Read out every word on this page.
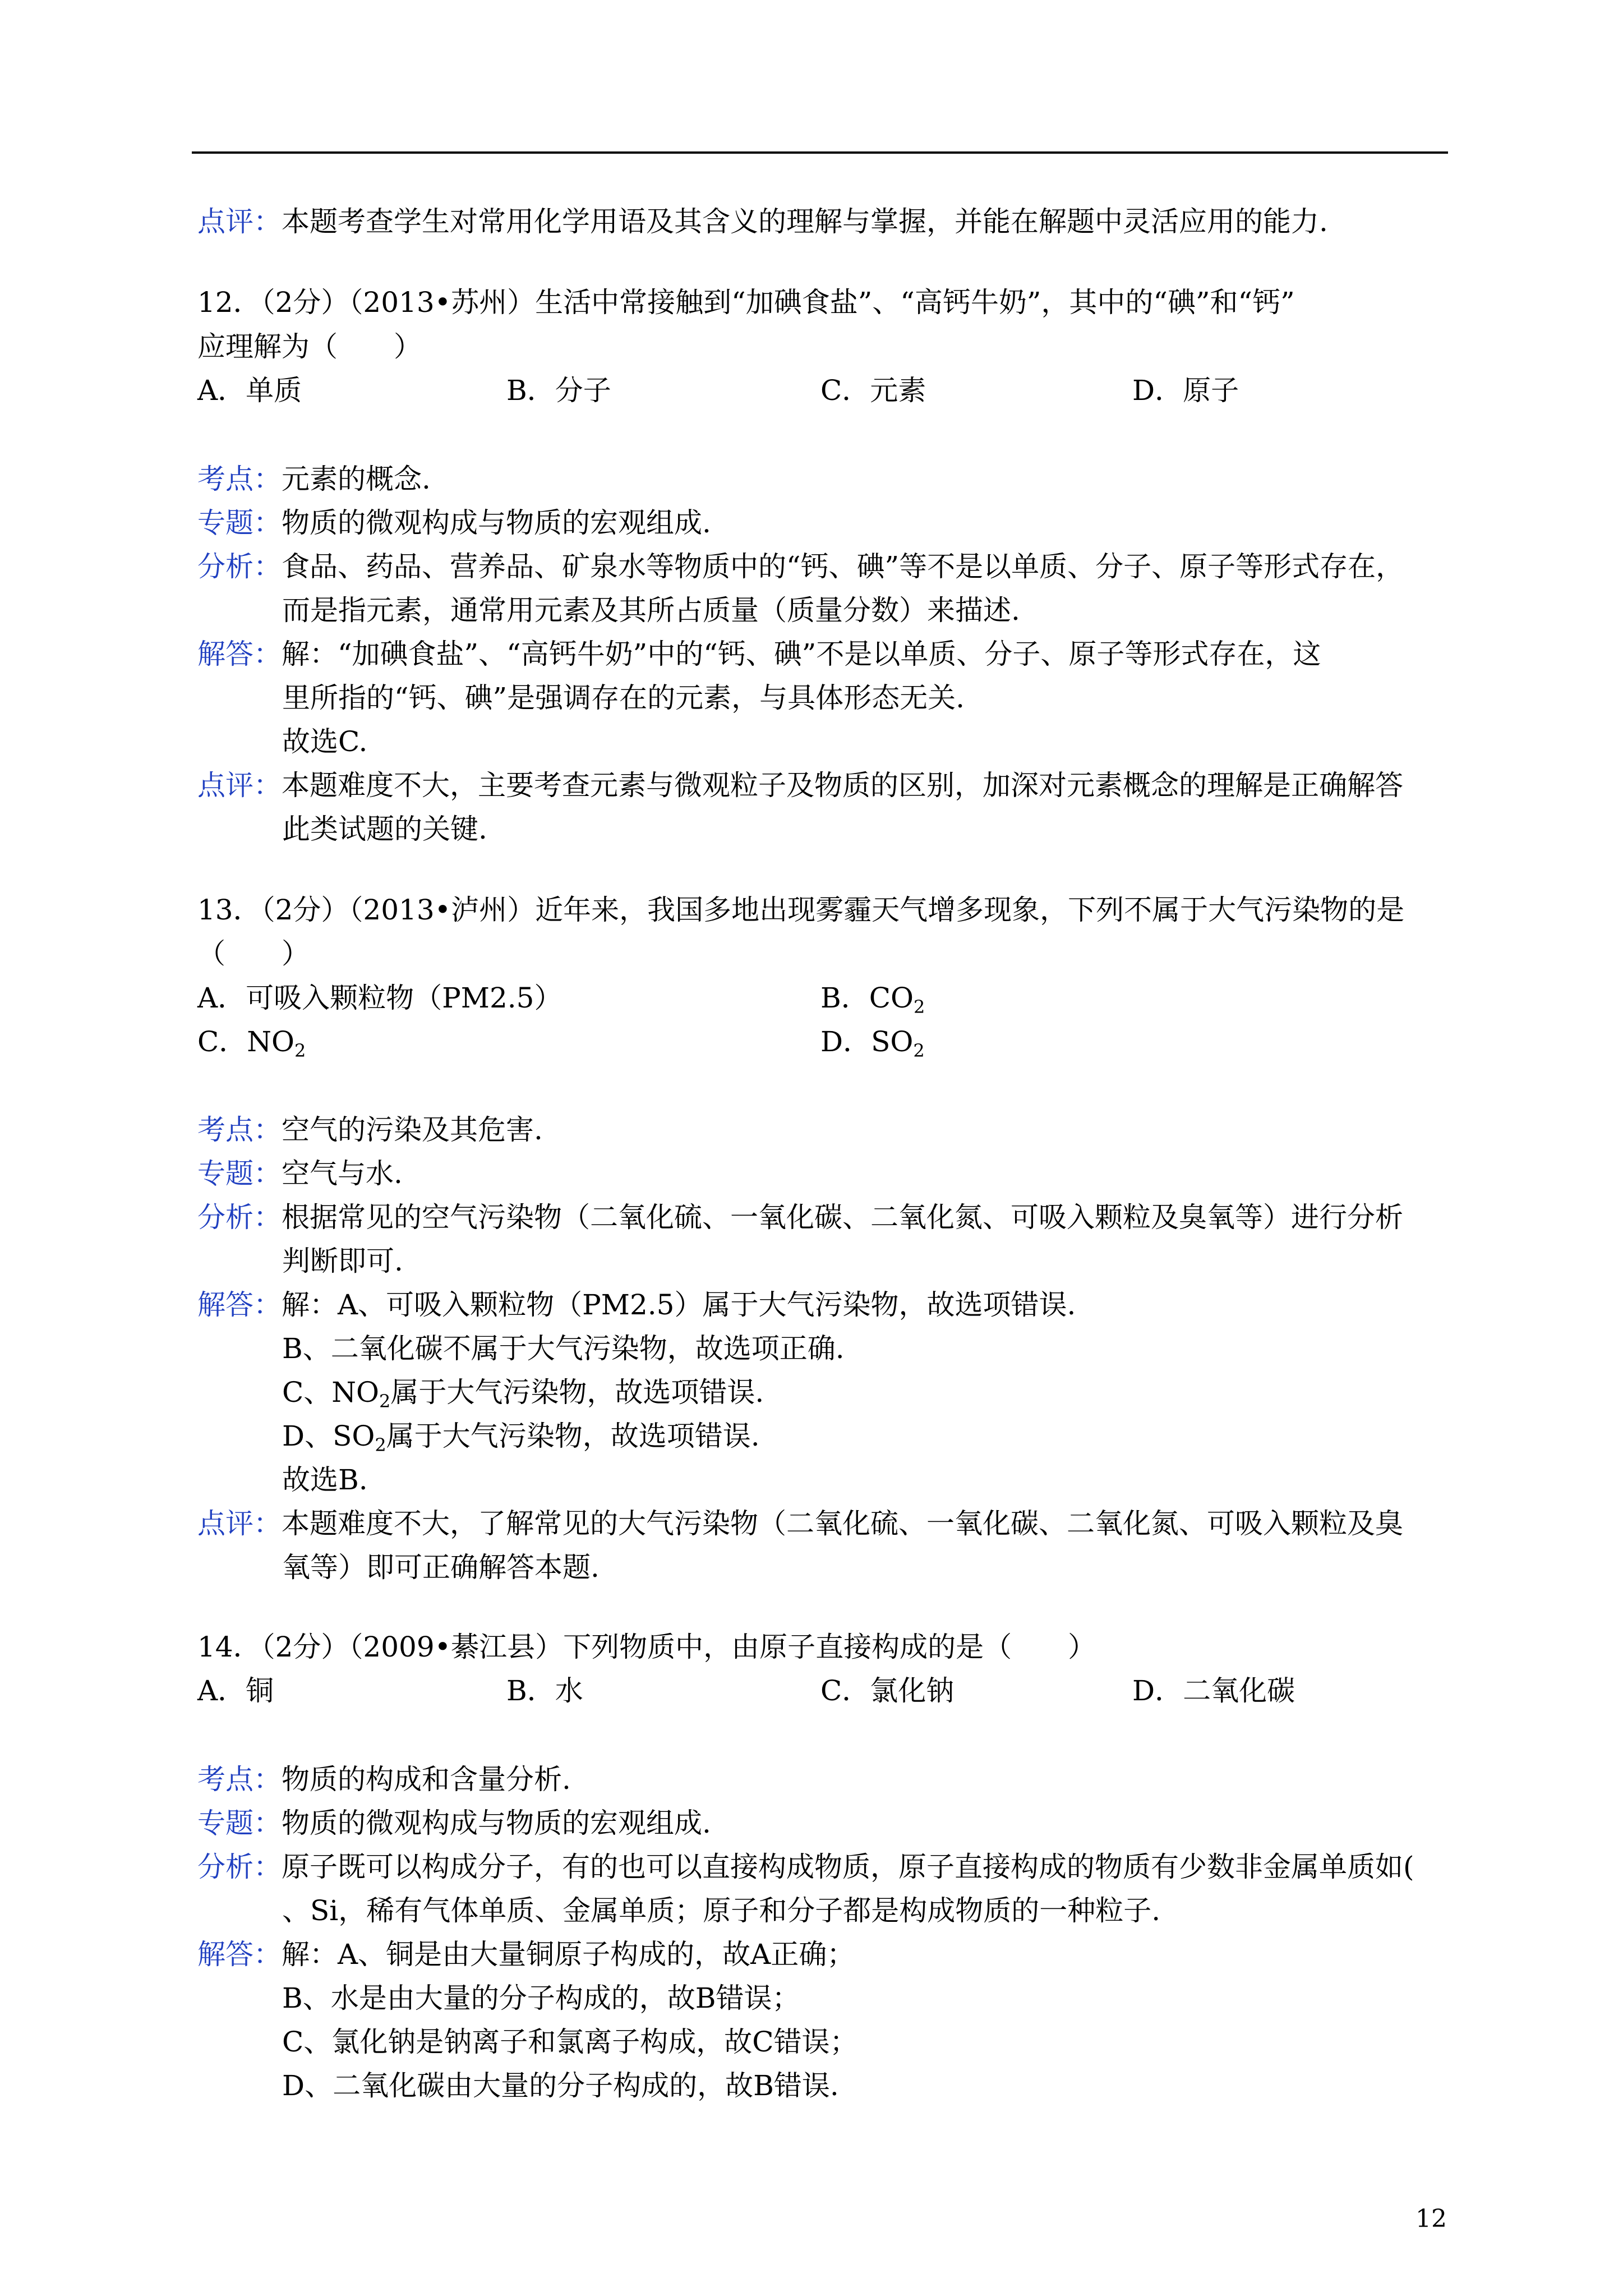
点评：本题考查学生对常用化学用语及其含义的理解与掌握，并能在解题中灵活应用的能力.
12．（2分）（2013•苏州）生活中常接触到“加碘食盐”、“高钙牛奶”，其中的“碘”和“钙”
应理解为（　　）
A．单质	B．分子	C．元素	D．原子
考点：元素的概念.
专题：物质的微观构成与物质的宏观组成.
分析：食品、药品、营养品、矿泉水等物质中的“钙、碘”等不是以单质、分子、原子等形式存在，
而是指元素，通常用元素及其所占质量（质量分数）来描述.
解答：解：“加碘食盐”、“高钙牛奶”中的“钙、碘”不是以单质、分子、原子等形式存在，这
里所指的“钙、碘”是强调存在的元素，与具体形态无关.
故选C.
点评：本题难度不大，主要考查元素与微观粒子及物质的区别，加深对元素概念的理解是正确解答
此类试题的关键.
13．（2分）（2013•泸州）近年来，我国多地出现雾霾天气增多现象，下列不属于大气污染物的是
（　　）
A．可吸入颗粒物（PM2.5）	B．$CO_2$
C．$NO_2$	D．$SO_2$
考点：空气的污染及其危害.
专题：空气与水.
分析：根据常见的空气污染物（二氧化硫、一氧化碳、二氧化氮、可吸入颗粒及臭氧等）进行分析
判断即可.
解答：解：A、可吸入颗粒物（PM2.5）属于大气污染物，故选项错误.
B、二氧化碳不属于大气污染物，故选项正确.
C、$NO_2$属于大气污染物，故选项错误.
D、$SO_2$属于大气污染物，故选项错误.
故选B.
点评：本题难度不大，了解常见的大气污染物（二氧化硫、一氧化碳、二氧化氮、可吸入颗粒及臭
氧等）即可正确解答本题.
14．（2分）（2009•綦江县）下列物质中，由原子直接构成的是（　　）
A．铜	B．水	C．氯化钠	D．二氧化碳
考点：物质的构成和含量分析.
专题：物质的微观构成与物质的宏观组成.
分析：原子既可以构成分子，有的也可以直接构成物质，原子直接构成的物质有少数非金属单质如(
、Si，稀有气体单质、金属单质；原子和分子都是构成物质的一种粒子.
解答：解：A、铜是由大量铜原子构成的，故A正确；
B、水是由大量的分子构成的，故B错误；
C、氯化钠是钠离子和氯离子构成，故C错误；
D、二氧化碳由大量的分子构成的，故B错误.
12
